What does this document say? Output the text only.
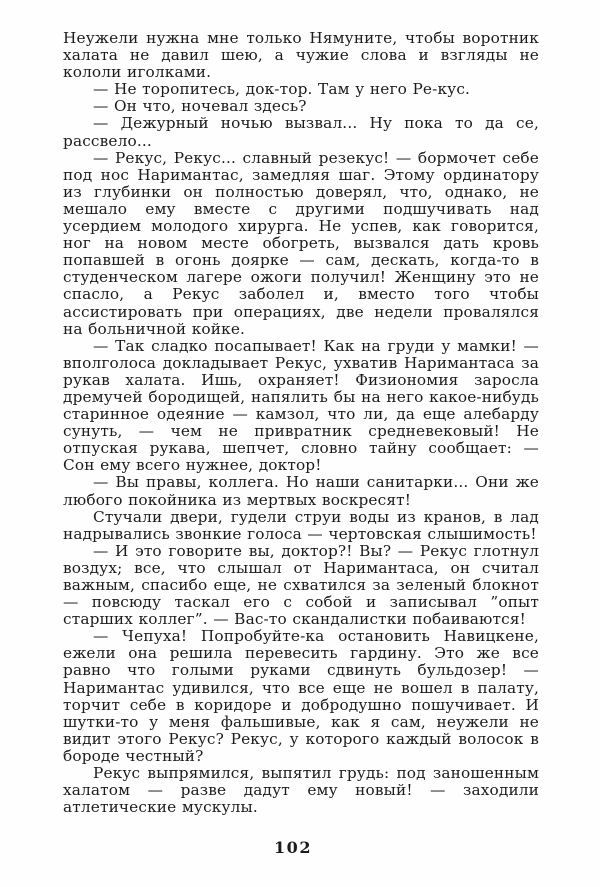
Неужели нужна мне только Нямуните, чтобы воротник халата не давил шею, а чужие слова и взгляды не кололи иголками.

— Не торопитесь, док-тор. Там у него Ре-кус.

— Он что, ночевал здесь?

— Дежурный ночью вызвал... Ну пока то да се, рассвело...

— Рекус, Рекус... славный резекус! — бормочет себе под нос Наримантас, замедляя шаг. Этому ординатору из глубинки он полностью доверял, что, однако, не мешало ему вместе с другими подшучивать над усердием молодого хирурга. Не успев, как говорится, ног на новом месте обогреть, вызвался дать кровь попавшей в огонь доярке — сам, дескать, когда-то в студенческом лагере ожоги получил! Женщину это не спасло, а Рекус заболел и, вместо того чтобы ассистировать при операциях, две недели провалялся на больничной койке.

— Так сладко посапывает! Как на груди у мамки! — вполголоса докладывает Рекус, ухватив Наримантаса за рукав халата. Ишь, охраняет! Физиономия заросла дремучей бородищей, напялить бы на него какое-нибудь старинное одеяние — камзол, что ли, да еще алебарду сунуть, — чем не привратник средневековый! Не отпуская рукава, шепчет, словно тайну сообщает: — Сон ему всего нужнее, доктор!

— Вы правы, коллега. Но наши санитарки... Они же любого покойника из мертвых воскресят!

Стучали двери, гудели струи воды из кранов, в лад надрывались звонкие голоса — чертовская слышимость!

— И это говорите вы, доктор?! Вы? — Рекус глотнул воздух; все, что слышал от Наримантаса, он считал важным, спасибо еще, не схватился за зеленый блокнот — повсюду таскал его с собой и записывал ”опыт старших коллег”. — Вас-то скандалистки побаиваются!

— Чепуха! Попробуйте-ка остановить Навицкене, ежели она решила перевесить гардину. Это же все равно что голыми руками сдвинуть бульдозер! — Наримантас удивился, что все еще не вошел в палату, торчит себе в коридоре и добродушно пошучивает. И шутки-то у меня фальшивые, как я сам, неужели не видит этого Рекус? Рекус, у которого каждый волосок в бороде честный?

Рекус выпрямился, выпятил грудь: под заношенным халатом — разве дадут ему новый! — заходили атлетические мускулы.

102
